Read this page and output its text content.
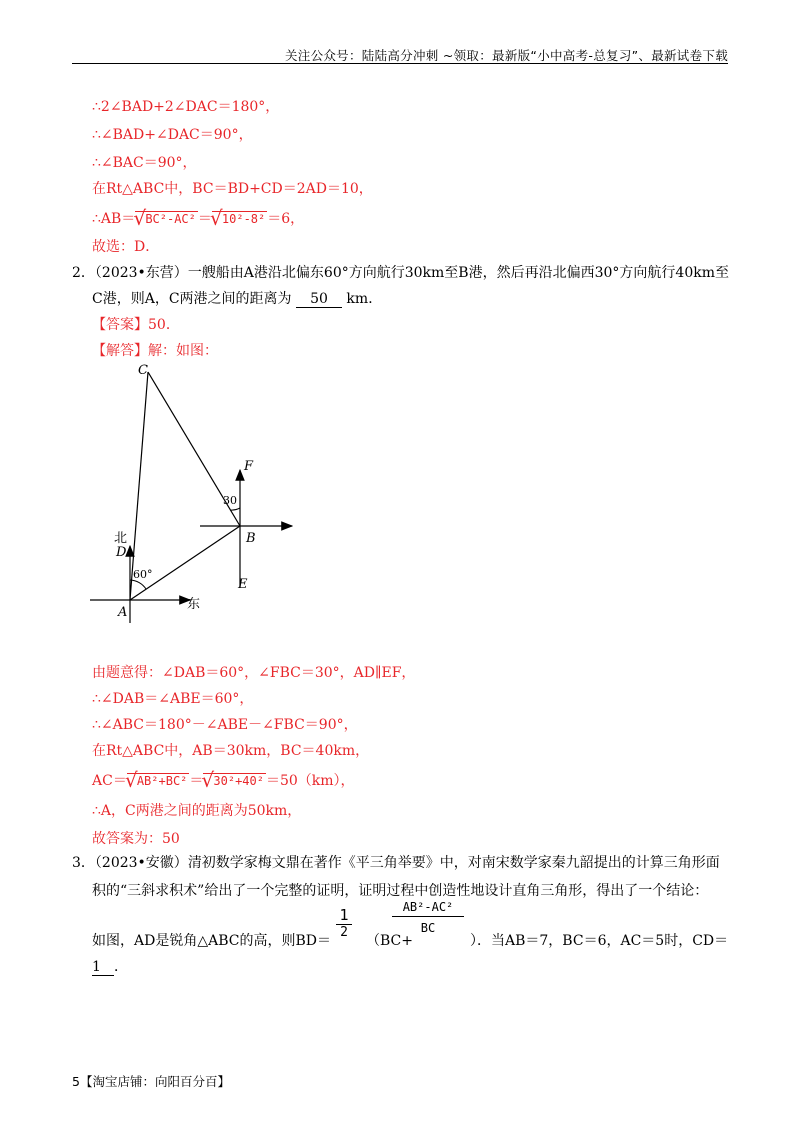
关注公众号：陆陆高分冲刺 ~领取：最新版“小中高考-总复习”、最新试卷下载
∴2∠BAD+2∠DAC＝180°，
∴∠BAD+∠DAC＝90°，
∴∠BAC＝90°，
在Rt△ABC中，BC＝BD+CD＝2AD＝10，
∴AB＝ √ BC²-AC² ＝ √ 10²-8² ＝6，
故选：D．
2．（2023•东营）一艘船由A港沿北偏东60°方向航行30km至B港，然后再沿北偏西30°方向航行40km至
C港，则A，C两港之间的距离为 50 km．
【答案】50．
【解答】解：如图：
C
F
B
E
D
A
北
东
60°
30
由题意得：∠DAB＝60°，∠FBC＝30°，AD∥EF，
∴∠DAB＝∠ABE＝60°，
∴∠ABC＝180°－∠ABE－∠FBC＝90°，
在Rt△ABC中，AB＝30km，BC＝40km，
AC＝ √ AB²+BC² ＝ √ 30²+40² ＝50（km），
∴A，C两港之间的距离为50km，
故答案为：50
3．（2023•安徽）清初数学家梅文鼎在著作《平三角举要》中，对南宋数学家秦九韶提出的计算三角形面
积的“三斜求积术”给出了一个完整的证明，证明过程中创造性地设计直角三角形，得出了一个结论：
如图，AD是锐角△ABC的高，则BD＝
$\frac{1}{2}$
（BC+
$\frac{\text{AB²-AC²}}{BC}$
）．当AB＝7，BC＝6，AC＝5时，CD＝
1 ．
5【淘宝店铺：向阳百分百】
